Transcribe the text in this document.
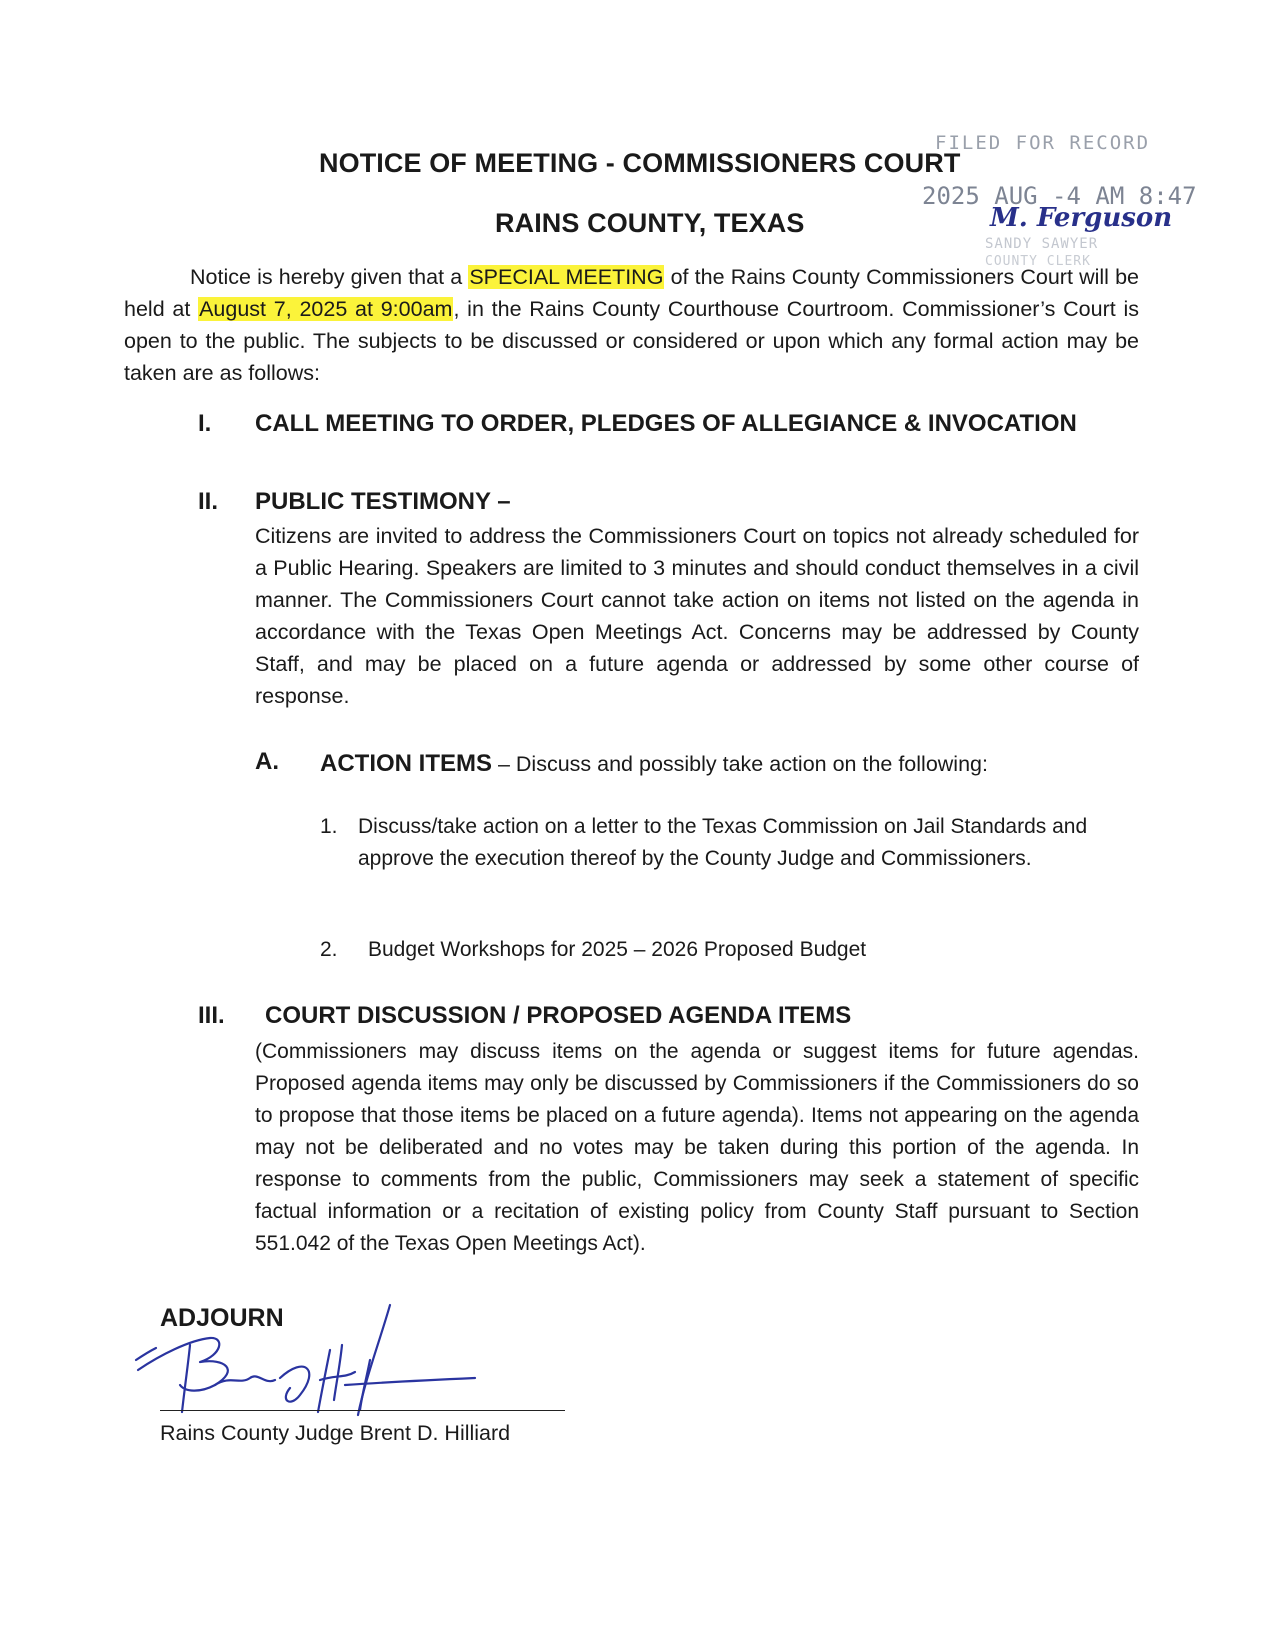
FILED FOR RECORD
2025 AUG -4 AM 8:47
SANDY SAWYER
COUNTY CLERK
M. Ferguson
NOTICE OF MEETING - COMMISSIONERS COURT
RAINS COUNTY, TEXAS
Notice is hereby given that a SPECIAL MEETING of the Rains County Commissioners Court will be held at August 7, 2025 at 9:00am, in the Rains County Courthouse Courtroom. Commissioner’s Court is open to the public. The subjects to be discussed or considered or upon which any formal action may be taken are as follows:
I. CALL MEETING TO ORDER, PLEDGES OF ALLEGIANCE & INVOCATION
II. PUBLIC TESTIMONY –
Citizens are invited to address the Commissioners Court on topics not already scheduled for a Public Hearing. Speakers are limited to 3 minutes and should conduct themselves in a civil manner. The Commissioners Court cannot take action on items not listed on the agenda in accordance with the Texas Open Meetings Act. Concerns may be addressed by County Staff, and may be placed on a future agenda or addressed by some other course of response.
A. ACTION ITEMS – Discuss and possibly take action on the following:
1. Discuss/take action on a letter to the Texas Commission on Jail Standards and approve the execution thereof by the County Judge and Commissioners.
2. Budget Workshops for 2025 – 2026 Proposed Budget
III. COURT DISCUSSION / PROPOSED AGENDA ITEMS
(Commissioners may discuss items on the agenda or suggest items for future agendas. Proposed agenda items may only be discussed by Commissioners if the Commissioners do so to propose that those items be placed on a future agenda). Items not appearing on the agenda may not be deliberated and no votes may be taken during this portion of the agenda. In response to comments from the public, Commissioners may seek a statement of specific factual information or a recitation of existing policy from County Staff pursuant to Section 551.042 of the Texas Open Meetings Act).
ADJOURN
Rains County Judge Brent D. Hilliard
